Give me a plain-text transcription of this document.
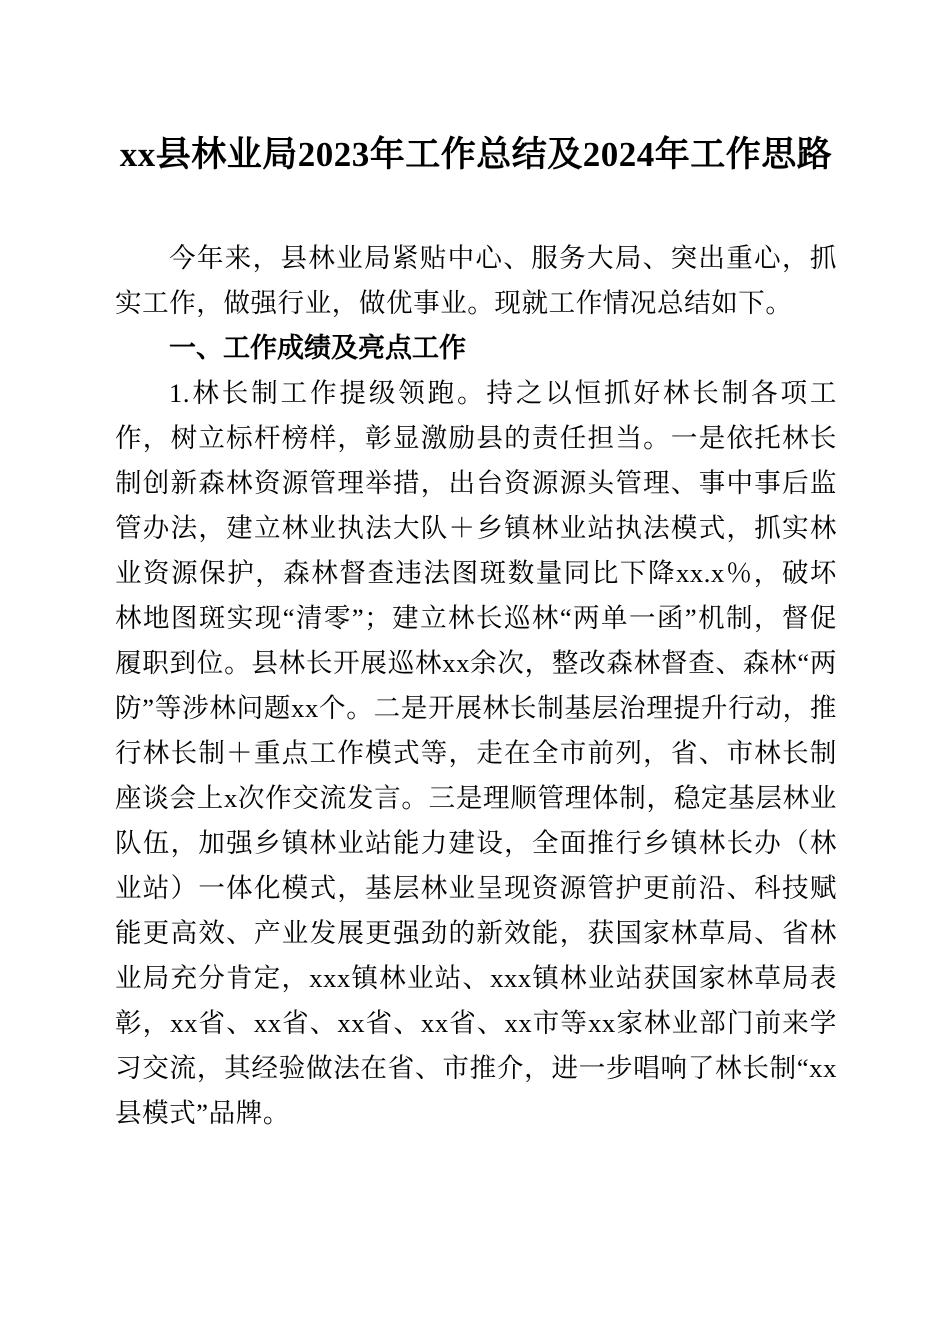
xx县林业局2023年工作总结及2024年工作思路

今年来，县林业局紧贴中心、服务大局、突出重心，抓实工作，做强行业，做优事业。现就工作情况总结如下。

一、工作成绩及亮点工作

1.林长制工作提级领跑。持之以恒抓好林长制各项工作，树立标杆榜样，彰显激励县的责任担当。一是依托林长制创新森林资源管理举措，出台资源源头管理、事中事后监管办法，建立林业执法大队＋乡镇林业站执法模式，抓实林业资源保护，森林督查违法图斑数量同比下降xx.x％，破坏林地图斑实现“清零”；建立林长巡林“两单一函”机制，督促履职到位。县林长开展巡林xx余次，整改森林督查、森林“两防”等涉林问题xx个。二是开展林长制基层治理提升行动，推行林长制＋重点工作模式等，走在全市前列，省、市林长制座谈会上x次作交流发言。三是理顺管理体制，稳定基层林业队伍，加强乡镇林业站能力建设，全面推行乡镇林长办（林业站）一体化模式，基层林业呈现资源管护更前沿、科技赋能更高效、产业发展更强劲的新效能，获国家林草局、省林业局充分肯定，xxx镇林业站、xxx镇林业站获国家林草局表彰，xx省、xx省、xx省、xx省、xx市等xx家林业部门前来学习交流，其经验做法在省、市推介，进一步唱响了林长制“xx县模式”品牌。
